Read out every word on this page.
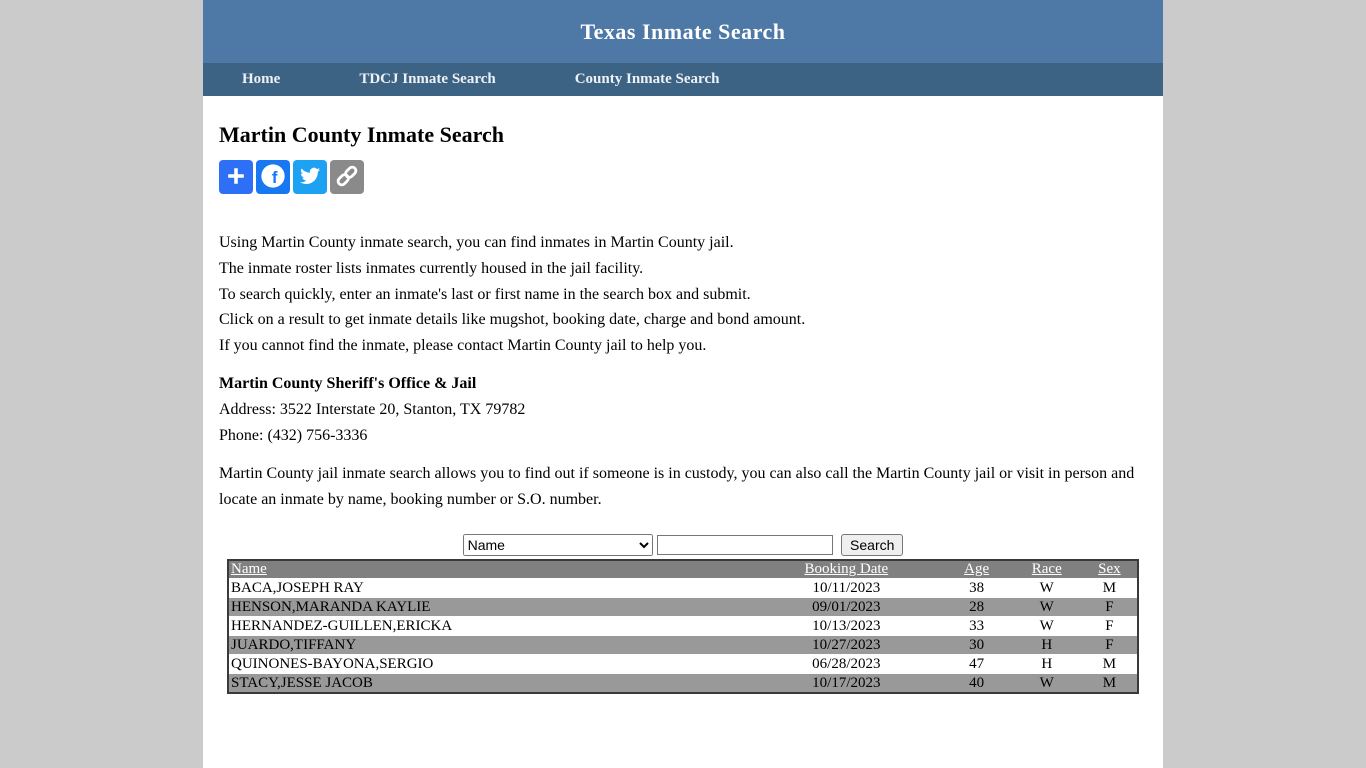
Texas Inmate Search
Home	TDCJ Inmate Search	County Inmate Search
Martin County Inmate Search
f
Using Martin County inmate search, you can find inmates in Martin County jail.
The inmate roster lists inmates currently housed in the jail facility.
To search quickly, enter an inmate's last or first name in the search box and submit.
Click on a result to get inmate details like mugshot, booking date, charge and bond amount.
If you cannot find the inmate, please contact Martin County jail to help you.
Martin County Sheriff's Office & Jail
Address: 3522 Interstate 20, Stanton, TX 79782
Phone: (432) 756-3336

Martin County jail inmate search allows you to find out if someone is in custody, you can also call the Martin County jail or visit in person and locate an inmate by name, booking number or S.O. number.

Name Search
Name	Booking Date	Age	Race	Sex
BACA,JOSEPH RAY	10/11/2023	38	W	M
HENSON,MARANDA KAYLIE	09/01/2023	28	W	F
HERNANDEZ-GUILLEN,ERICKA	10/13/2023	33	W	F
JUARDO,TIFFANY	10/27/2023	30	H	F
QUINONES-BAYONA,SERGIO	06/28/2023	47	H	M
STACY,JESSE JACOB	10/17/2023	40	W	M
